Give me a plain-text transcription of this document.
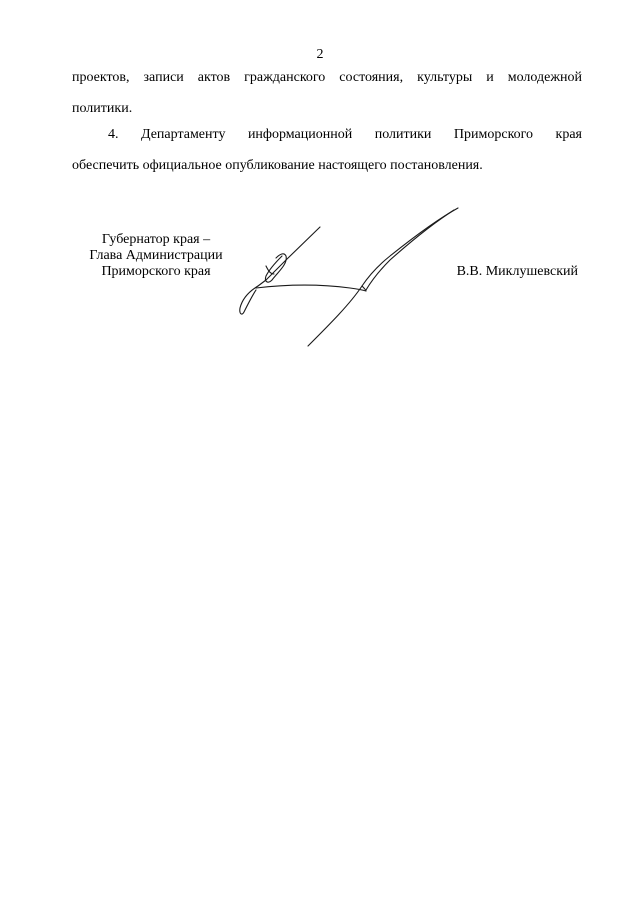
2
проектов, записи актов гражданского состояния, культуры и молодежной
политики.
4. Департаменту информационной политики Приморского края
обеспечить официальное опубликование настоящего постановления.
Губернатор края –
Глава Администрации
Приморского края	В.В. Миклушевский
